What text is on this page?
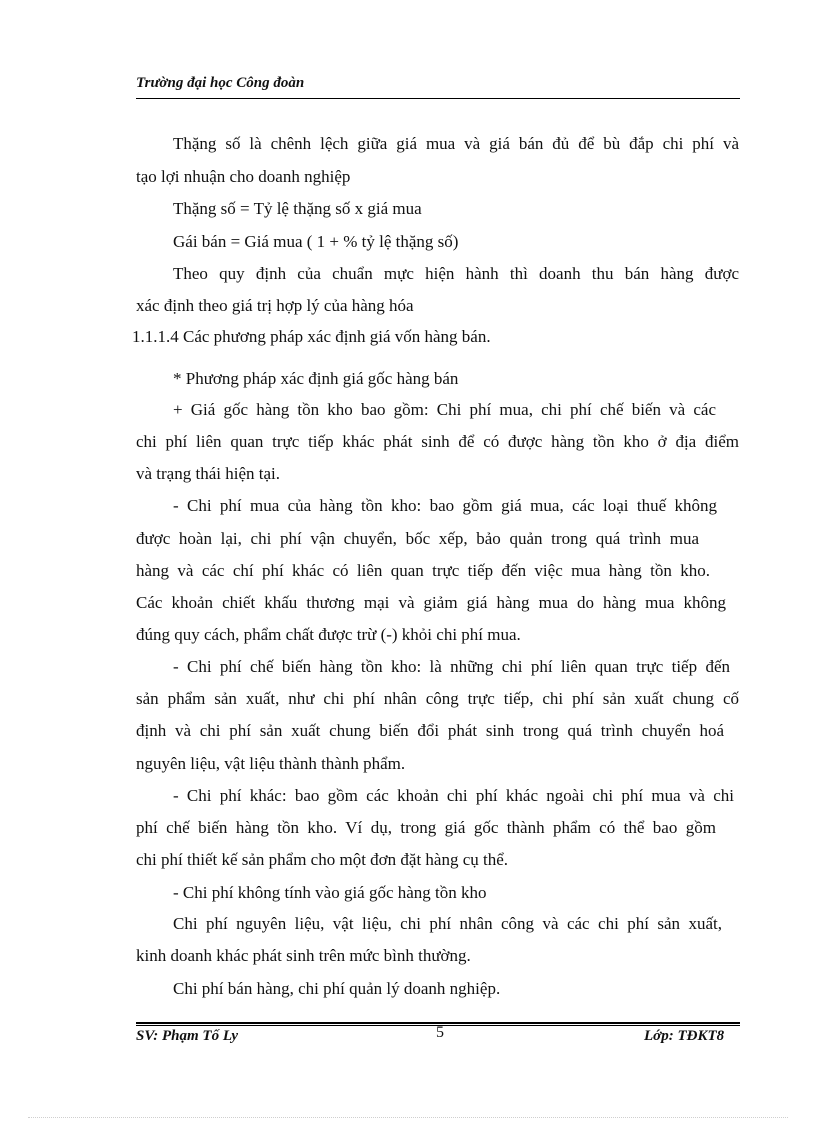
Trường đại học Công đoàn
Thặng số là chênh lệch giữa giá mua và giá bán đủ để bù đắp chi phí và
tạo lợi nhuận cho doanh nghiệp
Thặng số = Tỷ lệ thặng số x giá mua
Gái bán = Giá mua ( 1 + % tỷ lệ thặng số)
Theo quy định của chuẩn mực hiện hành thì doanh thu bán hàng được
xác định theo giá trị hợp lý của hàng hóa
1.1.1.4 Các phương pháp xác định giá vốn hàng bán.
* Phương pháp xác định giá gốc hàng bán
+ Giá gốc hàng tồn kho bao gồm: Chi phí mua, chi phí chế biến và các
chi phí liên quan trực tiếp khác phát sinh để có được hàng tồn kho ở địa điểm
và trạng thái hiện tại.
- Chi phí mua của hàng tồn kho: bao gồm giá mua, các loại thuế không
được hoàn lại, chi phí vận chuyển, bốc xếp, bảo quản trong quá trình mua
hàng và các chí phí khác có liên quan trực tiếp đến việc mua hàng tồn kho.
Các khoản chiết khấu thương mại và giảm giá hàng mua do hàng mua không
đúng quy cách, phẩm chất được trừ (-) khỏi chi phí mua.
- Chi phí chế biến hàng tồn kho: là những chi phí liên quan trực tiếp đến
sản phẩm sản xuất, như chi phí nhân công trực tiếp, chi phí sản xuất chung cố
định và chi phí sản xuất chung biến đổi phát sinh trong quá trình chuyển hoá
nguyên liệu, vật liệu thành thành phẩm.
- Chi phí khác: bao gồm các khoản chi phí khác ngoài chi phí mua và chi
phí chế biến hàng tồn kho. Ví dụ, trong giá gốc thành phẩm có thể bao gồm
chi phí thiết kế sản phẩm cho một đơn đặt hàng cụ thể.
- Chi phí không tính vào giá gốc hàng tồn kho
Chi phí nguyên liệu, vật liệu, chi phí nhân công và các chi phí sản xuất,
kinh doanh khác phát sinh trên mức bình thường.
Chi phí bán hàng, chi phí quản lý doanh nghiệp.
SV: Phạm Tố Ly	5	Lớp: TĐKT8
